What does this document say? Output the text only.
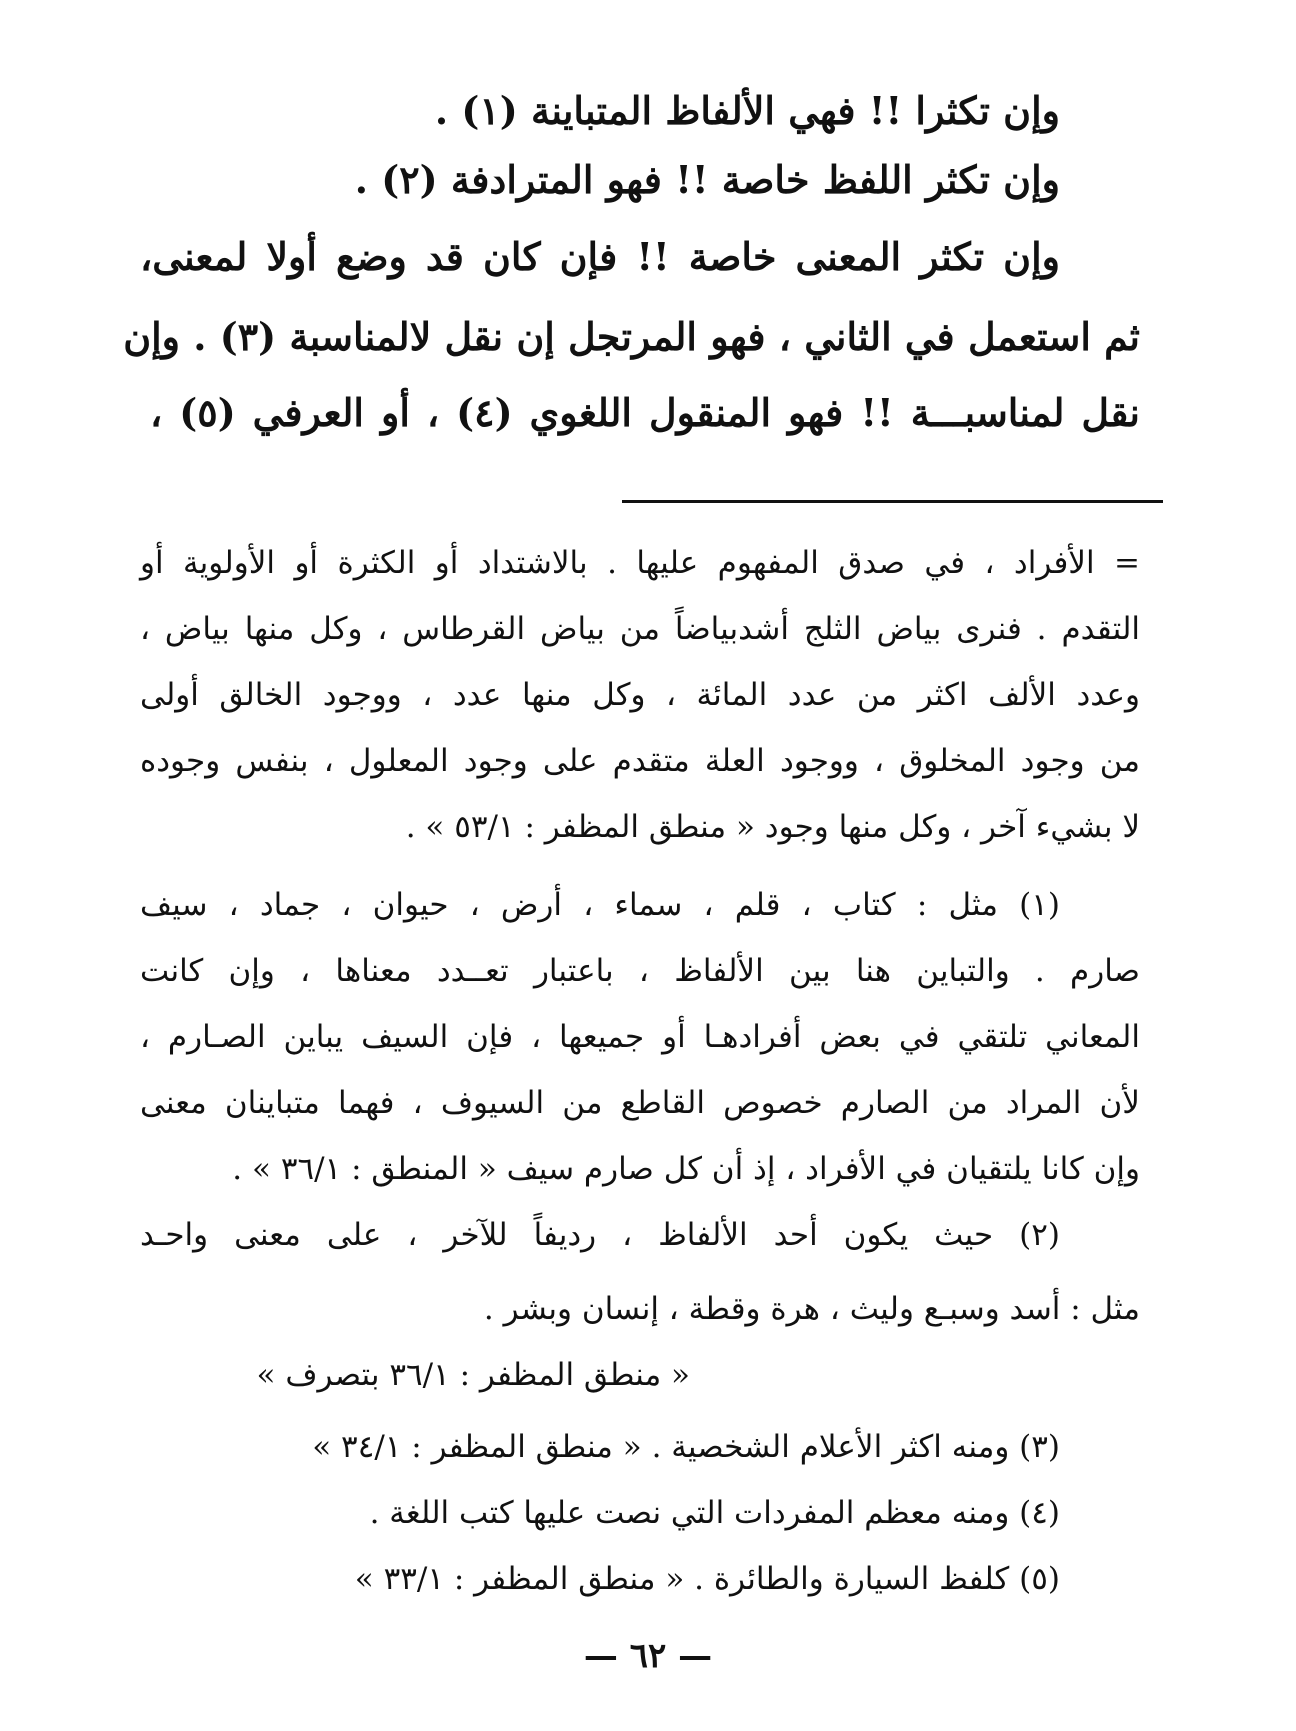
وإن تكثرا !! فهي الألفاظ المتباينة (١) .
وإن تكثر اللفظ خاصة !! فهو المترادفة (٢) .
وإن تكثر المعنى خاصة !! فإن كان قد وضع أولا لمعنى،
ثم استعمل في الثاني ، فهو المرتجل إن نقل لالمناسبة (٣) . وإن
نقل لمناسبـــة !! فهو المنقول اللغوي (٤) ، أو العرفي (٥) ،
= الأفراد ، في صدق المفهوم عليها . بالاشتداد أو الكثرة أو الأولوية أو
التقدم . فنرى بياض الثلج أشدبياضاً من بياض القرطاس ، وكل منها بياض ،
وعدد الألف اكثر من عدد المائة ، وكل منها عدد ، ووجود الخالق أولى
من وجود المخلوق ، ووجود العلة متقدم على وجود المعلول ، بنفس وجوده
لا بشيء آخر ، وكل منها وجود « منطق المظفر : ٥٣/١ » .
(١) مثل : كتاب ، قلم ، سماء ، أرض ، حيوان ، جماد ، سيف
صارم . والتباين هنا بين الألفاظ ، باعتبار تعــدد معناها ، وإن كانت
المعاني تلتقي في بعض أفرادهـا أو جميعها ، فإن السيف يباين الصـارم ،
لأن المراد من الصارم خصوص القاطع من السيوف ، فهما متباينان معنى
وإن كانا يلتقيان في الأفراد ، إذ أن كل صارم سيف « المنطق : ٣٦/١ » .
(٢) حيث يكون أحد الألفاظ ، رديفاً للآخر ، على معنى واحـد
مثل : أسد وسبـع وليث ، هرة وقطة ، إنسان وبشر .
« منطق المظفر : ٣٦/١ بتصرف »
(٣) ومنه اكثر الأعلام الشخصية . « منطق المظفر : ٣٤/١ »
(٤) ومنه معظم المفردات التي نصت عليها كتب اللغة .
(٥) كلفظ السيارة والطائرة . « منطق المظفر : ٣٣/١ »
— ٦٢ —
